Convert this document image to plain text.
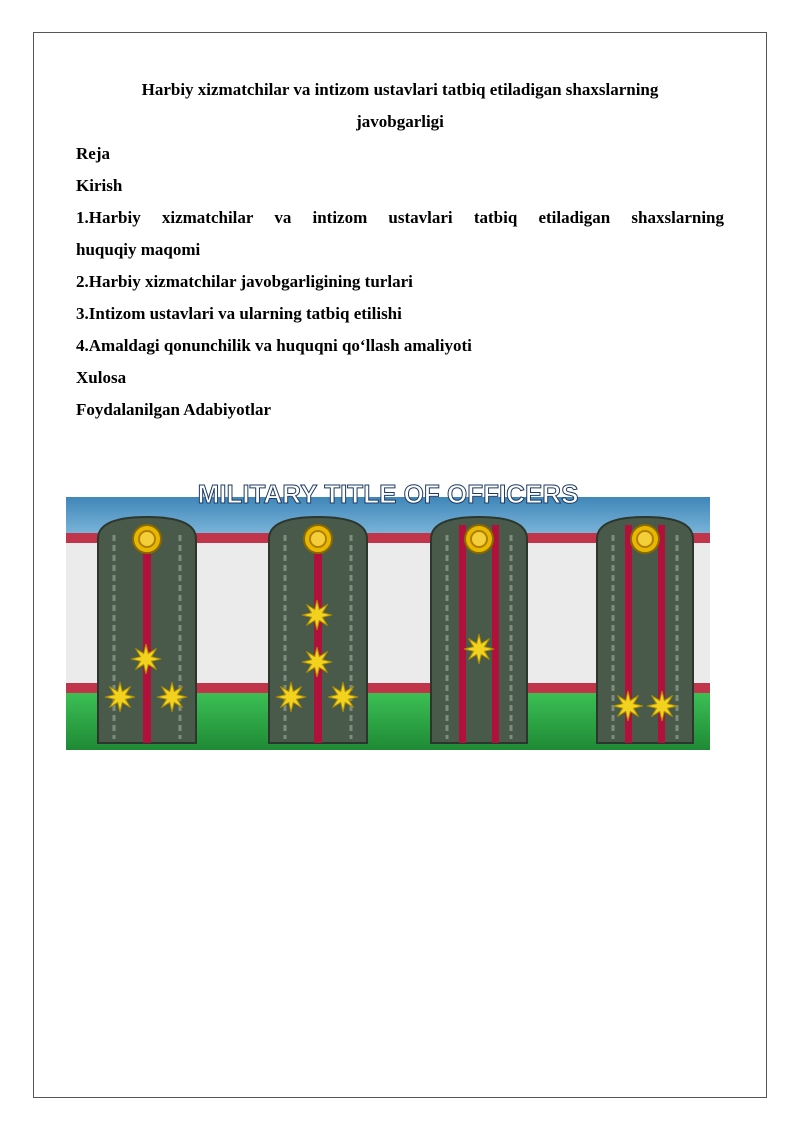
Harbiy xizmatchilar va intizom ustavlari tatbiq etiladigan shaxslarning

javobgarligi

Reja

Kirish

1.Harbiy xizmatchilar va intizom ustavlari tatbiq etiladigan shaxslarning

huquqiy maqomi

2.Harbiy xizmatchilar javobgarligining turlari

3.Intizom ustavlari va ularning tatbiq etilishi

4.Amaldagi qonunchilik va huquqni qo‘llash amaliyoti

Xulosa

Foydalanilgan Adabiyotlar

MILITARY TITLE OF OFFICERS
